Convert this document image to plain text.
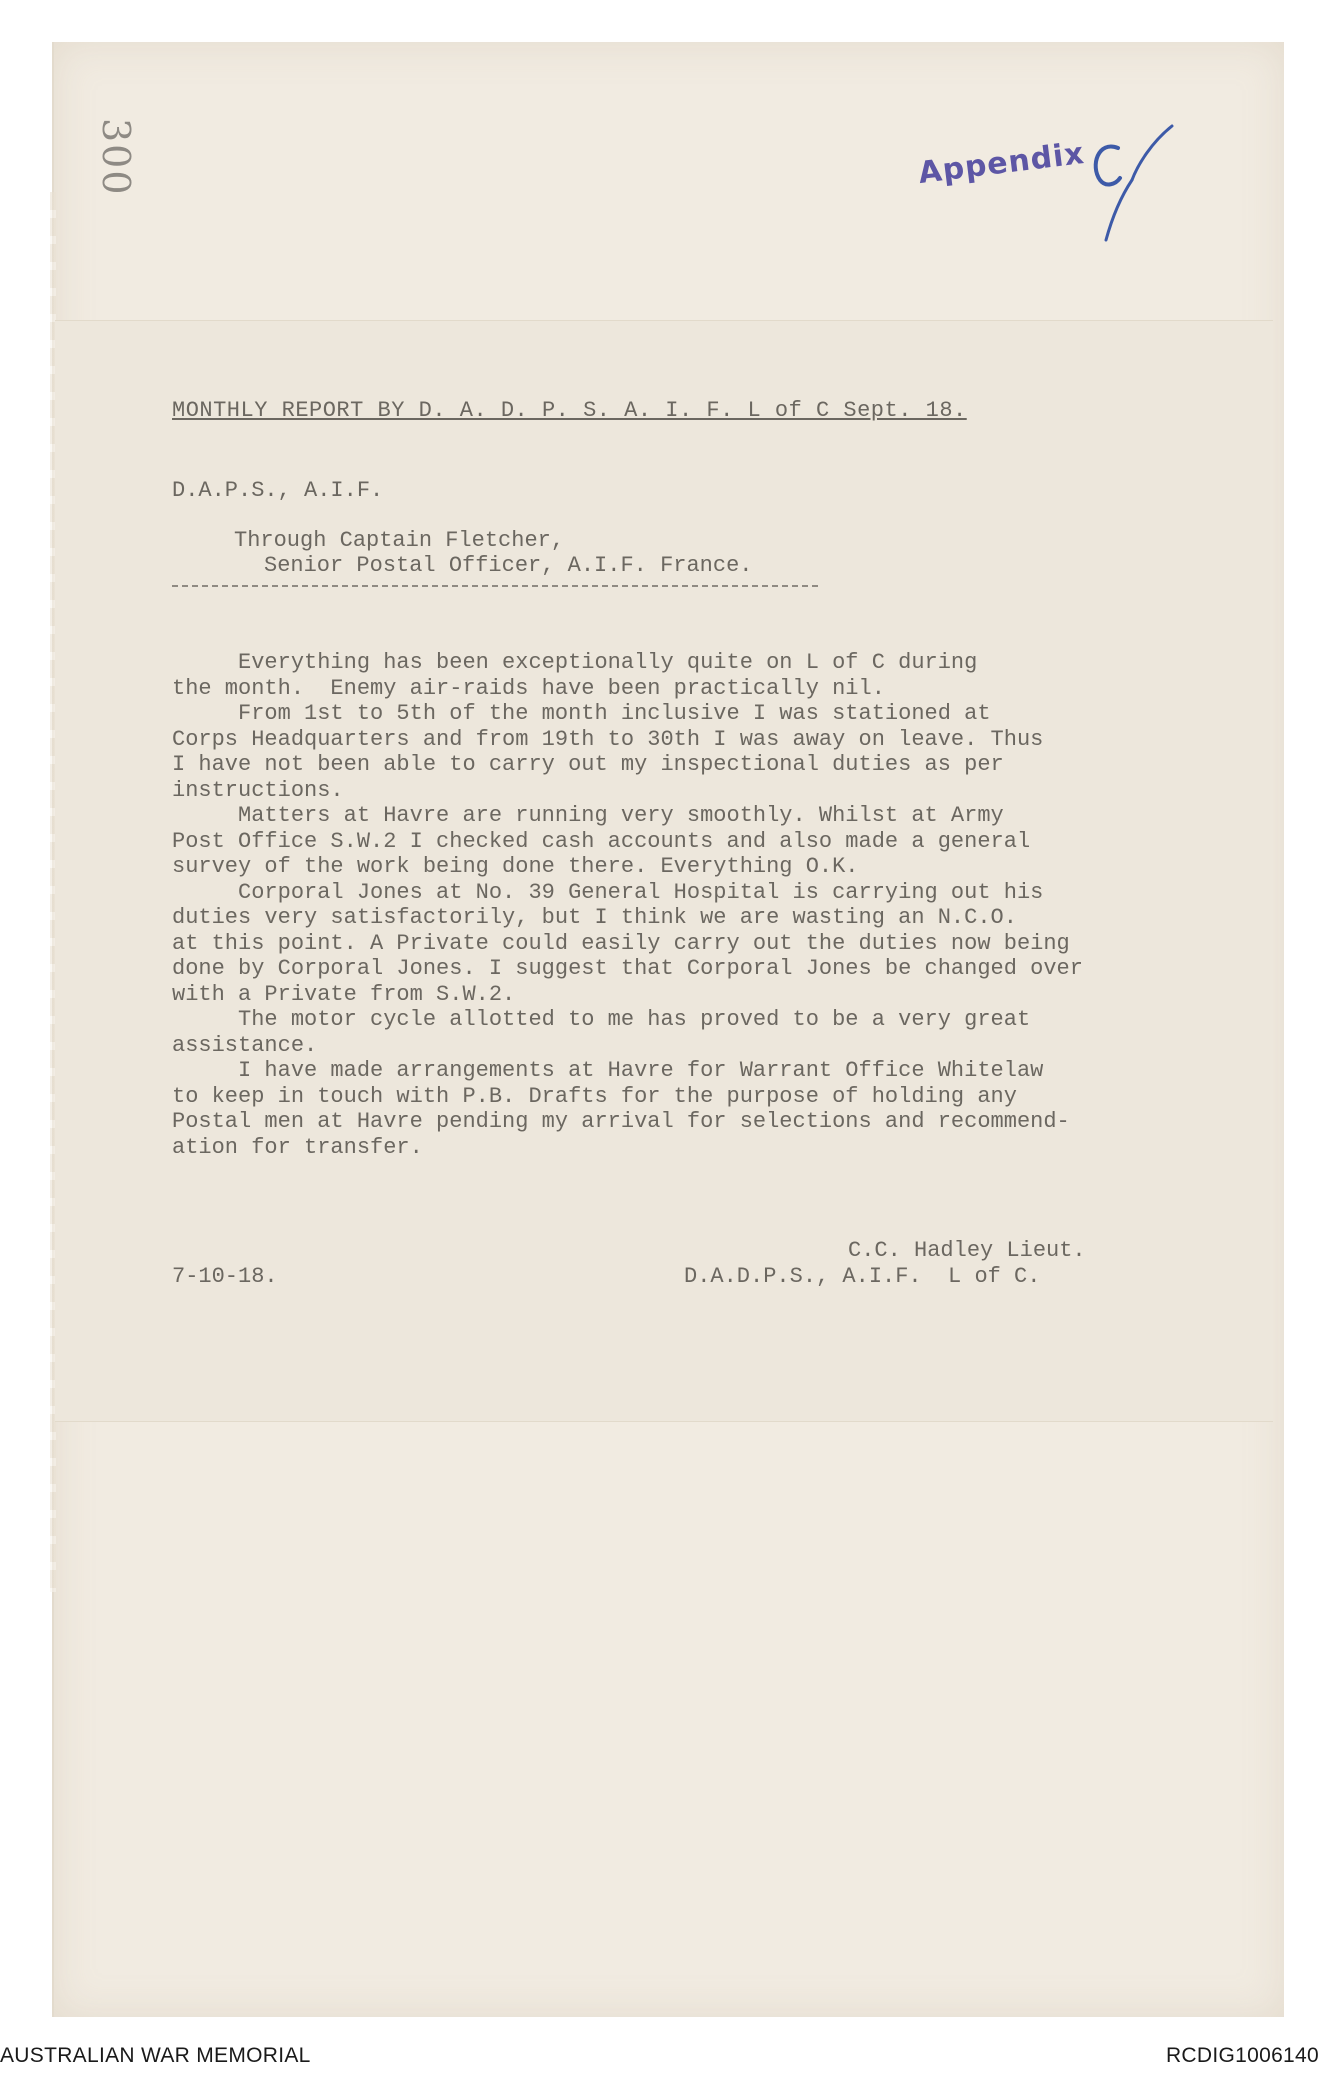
300	Appendix
MONTHLY REPORT BY D. A. D. P. S. A. I. F. L of C Sept. 18.
D.A.P.S., A.I.F.
Through Captain Fletcher,
Senior Postal Officer, A.I.F. France.
Everything has been exceptionally quite on L of C during
the month.  Enemy air-raids have been practically nil.
From 1st to 5th of the month inclusive I was stationed at
Corps Headquarters and from 19th to 30th I was away on leave. Thus
I have not been able to carry out my inspectional duties as per
instructions.
Matters at Havre are running very smoothly. Whilst at Army
Post Office S.W.2 I checked cash accounts and also made a general
survey of the work being done there. Everything O.K.
Corporal Jones at No. 39 General Hospital is carrying out his
duties very satisfactorily, but I think we are wasting an N.C.O.
at this point. A Private could easily carry out the duties now being
done by Corporal Jones. I suggest that Corporal Jones be changed over
with a Private from S.W.2.
The motor cycle allotted to me has proved to be a very great
assistance.
I have made arrangements at Havre for Warrant Office Whitelaw
to keep in touch with P.B. Drafts for the purpose of holding any
Postal men at Havre pending my arrival for selections and recommend-
ation for transfer.
C.C. Hadley Lieut.
7-10-18.	D.A.D.P.S., A.I.F.  L of C.
AUSTRALIAN WAR MEMORIAL	RCDIG1006140
